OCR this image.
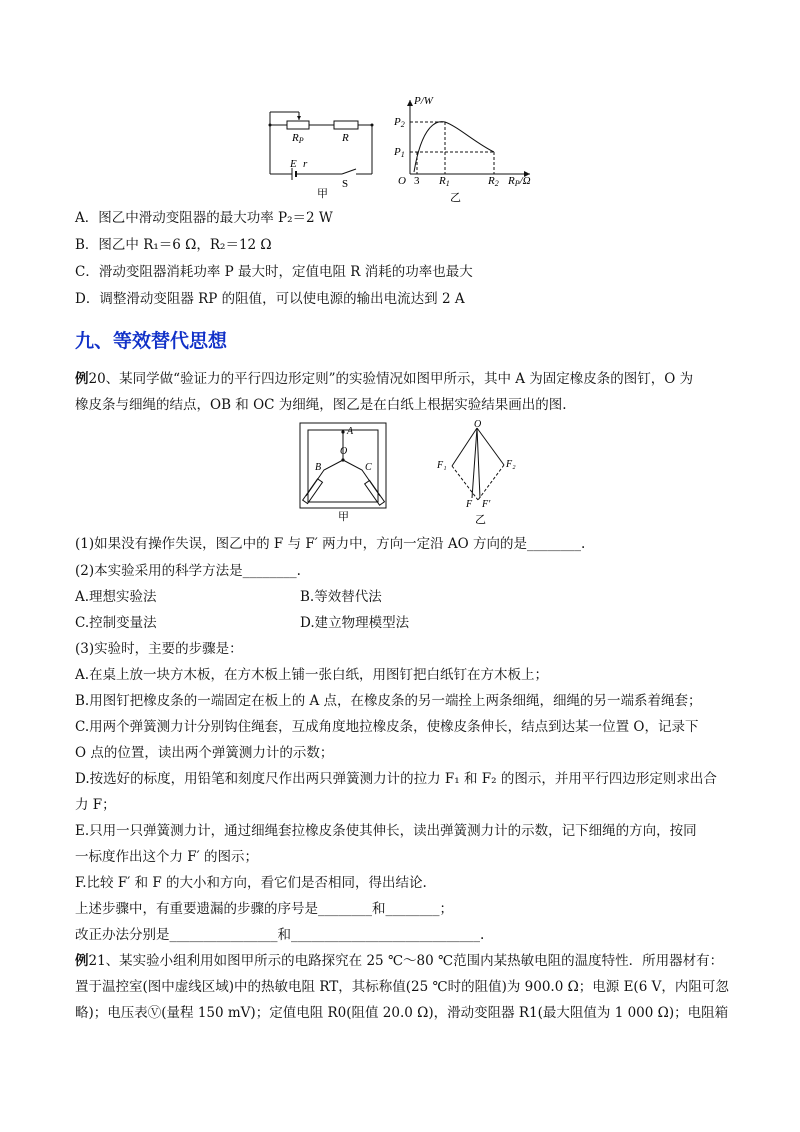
RP	R
E r
S
甲
P/W
P2
P1
O 3 R1	R2 RP/Ω
乙
A．图乙中滑动变阻器的最大功率 P₂＝2 W
B．图乙中 R₁＝6 Ω，R₂＝12 Ω
C．滑动变阻器消耗功率 P 最大时，定值电阻 R 消耗的功率也最大
D．调整滑动变阻器 RP 的阻值，可以使电源的输出电流达到 2 A
九、等效替代思想
例20、某同学做“验证力的平行四边形定则”的实验情况如图甲所示，其中 A 为固定橡皮条的图钉，O 为
橡皮条与细绳的结点，OB 和 OC 为细绳，图乙是在白纸上根据实验结果画出的图.
A
O
B	C
O
F₁	F₂
F F′
甲	乙
(1)如果没有操作失误，图乙中的 F 与 F′ 两力中，方向一定沿 AO 方向的是________.
(2)本实验采用的科学方法是________.
A.理想实验法	B.等效替代法
C.控制变量法	D.建立物理模型法
(3)实验时，主要的步骤是：
A.在桌上放一块方木板，在方木板上铺一张白纸，用图钉把白纸钉在方木板上；
B.用图钉把橡皮条的一端固定在板上的 A 点，在橡皮条的另一端拴上两条细绳，细绳的另一端系着绳套；
C.用两个弹簧测力计分别钩住绳套，互成角度地拉橡皮条，使橡皮条伸长，结点到达某一位置 O，记录下
O 点的位置，读出两个弹簧测力计的示数；
D.按选好的标度，用铅笔和刻度尺作出两只弹簧测力计的拉力 F₁ 和 F₂ 的图示，并用平行四边形定则求出合
力 F；
E.只用一只弹簧测力计，通过细绳套拉橡皮条使其伸长，读出弹簧测力计的示数，记下细绳的方向，按同
一标度作出这个力 F′ 的图示；
F.比较 F′ 和 F 的大小和方向，看它们是否相同，得出结论.
上述步骤中，有重要遗漏的步骤的序号是________和________；
改正办法分别是________________和____________________________.
例21、某实验小组利用如图甲所示的电路探究在 25 ℃～80 ℃范围内某热敏电阻的温度特性．所用器材有：
置于温控室(图中虚线区域)中的热敏电阻 RT，其标称值(25 ℃时的阻值)为 900.0 Ω；电源 E(6 V，内阻可忽
略)；电压表Ⓥ(量程 150 mV)；定值电阻 R0(阻值 20.0 Ω)，滑动变阻器 R1(最大阻值为 1 000 Ω)；电阻箱
